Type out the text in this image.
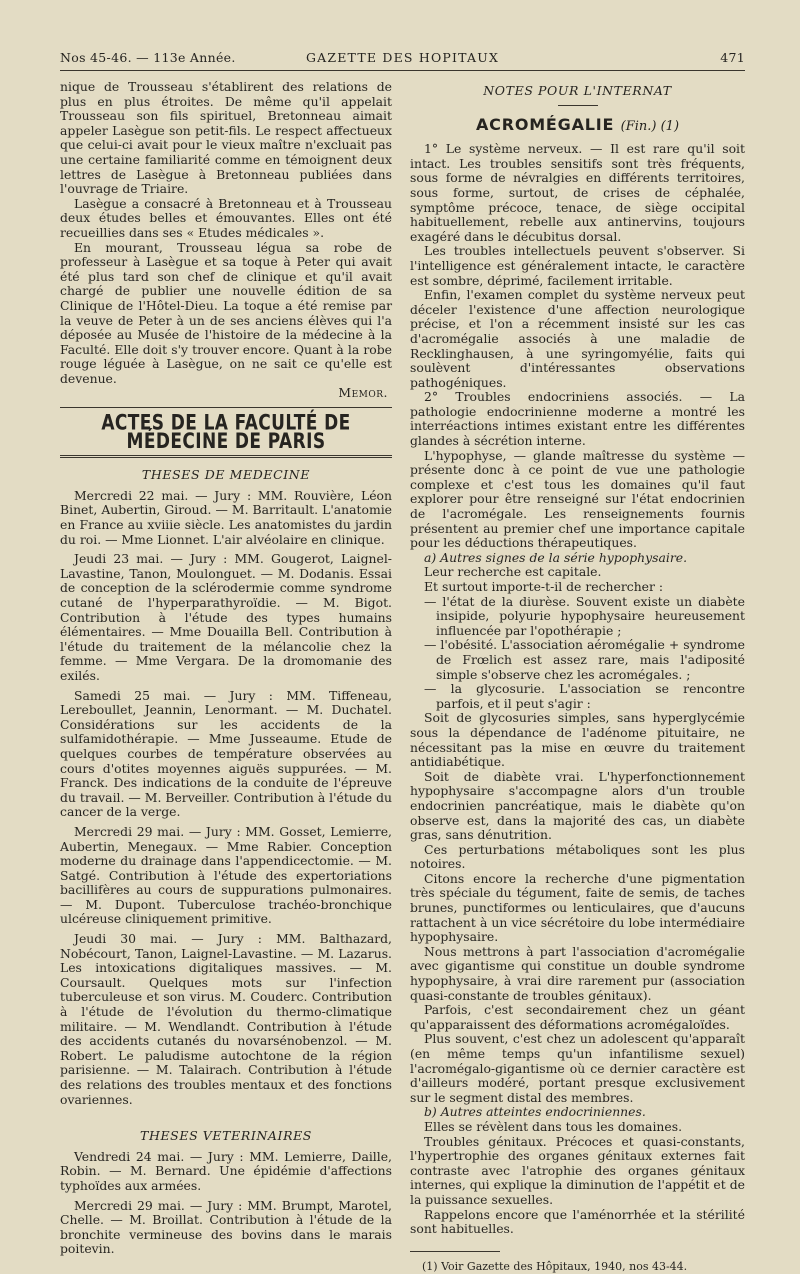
Nos 45-46. — 113e Année.	GAZETTE DES HOPITAUX	471

nique de Trousseau s'établirent des relations de plus en plus étroites. De même qu'il appelait Trousseau son fils spirituel, Bretonneau aimait appeler Lasègue son petit-fils. Le respect affectueux que celui-ci avait pour le vieux maître n'excluait pas une certaine familiarité comme en témoignent deux lettres de Lasègue à Bretonneau publiées dans l'ouvrage de Triaire.

Lasègue a consacré à Bretonneau et à Trousseau deux études belles et émouvantes. Elles ont été recueillies dans ses « Etudes médicales ».

En mourant, Trousseau légua sa robe de professeur à Lasègue et sa toque à Peter qui avait été plus tard son chef de clinique et qu'il avait chargé de publier une nouvelle édition de sa Clinique de l'Hôtel-Dieu. La toque a été remise par la veuve de Peter à un de ses anciens élèves qui l'a déposée au Musée de l'histoire de la médecine à la Faculté. Elle doit s'y trouver encore. Quant à la robe rouge léguée à Lasègue, on ne sait ce qu'elle est devenue.

Memor.

ACTES DE LA FACULTÉ DE MÉDECINE DE PARIS
THESES DE MEDECINE

Mercredi 22 mai. — Jury : MM. Rouvière, Léon Binet, Aubertin, Giroud. — M. Barritault. L'anatomie en France au xviiie siècle. Les anatomistes du jardin du roi. — Mme Lionnet. L'air alvéolaire en clinique.

Jeudi 23 mai. — Jury : MM. Gougerot, Laignel-Lavastine, Tanon, Moulonguet. — M. Dodanis. Essai de conception de la sclérodermie comme syndrome cutané de l'hyperparathyroïdie. — M. Bigot. Contribution à l'étude des types humains élémentaires. — Mme Douailla Bell. Contribution à l'étude du traitement de la mélancolie chez la femme. — Mme Vergara. De la dromomanie des exilés.

Samedi 25 mai. — Jury : MM. Tiffeneau, Lereboullet, Jeannin, Lenormant. — M. Duchatel. Considérations sur les accidents de la sulfamidothérapie. — Mme Jusseaume. Etude de quelques courbes de température observées au cours d'otites moyennes aiguës suppurées. — M. Franck. Des indications de la conduite de l'épreuve du travail. — M. Berveiller. Contribution à l'étude du cancer de la verge.

Mercredi 29 mai. — Jury : MM. Gosset, Lemierre, Aubertin, Menegaux. — Mme Rabier. Conception moderne du drainage dans l'appendicectomie. — M. Satgé. Contribution à l'étude des expertoriations bacillifères au cours de suppurations pulmonaires. — M. Dupont. Tuberculose trachéo-bronchique ulcéreuse cliniquement primitive.

Jeudi 30 mai. — Jury : MM. Balthazard, Nobécourt, Tanon, Laignel-Lavastine. — M. Lazarus. Les intoxications digitaliques massives. — M. Coursault. Quelques mots sur l'infection tuberculeuse et son virus. M. Couderc. Contribution à l'étude de l'évolution du thermo-climatique militaire. — M. Wendlandt. Contribution à l'étude des accidents cutanés du novarsénobenzol. — M. Robert. Le paludisme autochtone de la région parisienne. — M. Talairach. Contribution à l'étude des relations des troubles mentaux et des fonctions ovariennes.

THESES VETERINAIRES

Vendredi 24 mai. — Jury : MM. Lemierre, Daille, Robin. — M. Bernard. Une épidémie d'affections typhoïdes aux armées.

Mercredi 29 mai. — Jury : MM. Brumpt, Marotel, Chelle. — M. Broillat. Contribution à l'étude de la bronchite vermineuse des bovins dans le marais poitevin.

NOTES POUR L'INTERNAT
ACROMÉGALIE (Fin.) (1)

1° Le système nerveux. — Il est rare qu'il soit intact. Les troubles sensitifs sont très fréquents, sous forme de névralgies en différents territoires, sous forme, surtout, de crises de céphalée, symptôme précoce, tenace, de siège occipital habituellement, rebelle aux antinervins, toujours exagéré dans le décubitus dorsal.

Les troubles intellectuels peuvent s'observer. Si l'intelligence est généralement intacte, le caractère est sombre, déprimé, facilement irritable.

Enfin, l'examen complet du système nerveux peut déceler l'existence d'une affection neurologique précise, et l'on a récemment insisté sur les cas d'acromégalie associés à une maladie de Recklinghausen, à une syringomyélie, faits qui soulèvent d'intéressantes observations pathogéniques.

2° Troubles endocriniens associés. — La pathologie endocrinienne moderne a montré les interréactions intimes existant entre les différentes glandes à sécrétion interne.

L'hypophyse, — glande maîtresse du système — présente donc à ce point de vue une pathologie complexe et c'est tous les domaines qu'il faut explorer pour être renseigné sur l'état endocrinien de l'acromégale. Les renseignements fournis présentent au premier chef une importance capitale pour les déductions thérapeutiques.

a) Autres signes de la série hypophysaire.

Leur recherche est capitale.

Et surtout importe-t-il de rechercher :

— l'état de la diurèse. Souvent existe un diabète insipide, polyurie hypophysaire heureusement influencée par l'opothérapie ;
— l'obésité. L'association aéromégalie + syndrome de Frœlich est assez rare, mais l'adiposité simple s'observe chez les acromégales. ;
— la glycosurie. L'association se rencontre parfois, et il peut s'agir :

Soit de glycosuries simples, sans hyperglycémie sous la dépendance de l'adénome pituitaire, ne nécessitant pas la mise en œuvre du traitement antidiabétique.

Soit de diabète vrai. L'hyperfonctionnement hypophysaire s'accompagne alors d'un trouble endocrinien pancréatique, mais le diabète qu'on observe est, dans la majorité des cas, un diabète gras, sans dénutrition.

Ces perturbations métaboliques sont les plus notoires.

Citons encore la recherche d'une pigmentation très spéciale du tégument, faite de semis, de taches brunes, punctiformes ou lenticulaires, que d'aucuns rattachent à un vice sécrétoire du lobe intermédiaire hypophysaire.

Nous mettrons à part l'association d'acromégalie avec gigantisme qui constitue un double syndrome hypophysaire, à vrai dire rarement pur (association quasi-constante de troubles génitaux).

Parfois, c'est secondairement chez un géant qu'apparaissent des déformations acromégaloïdes.

Plus souvent, c'est chez un adolescent qu'apparaît (en même temps qu'un infantilisme sexuel) l'acromégalo-gigantisme où ce dernier caractère est d'ailleurs modéré, portant presque exclusivement sur le segment distal des membres.

b) Autres atteintes endocriniennes.

Elles se révèlent dans tous les domaines.

Troubles génitaux. Précoces et quasi-constants, l'hypertrophie des organes génitaux externes fait contraste avec l'atrophie des organes génitaux internes, qui explique la diminution de l'appétit et de la puissance sexuelles.

Rappelons encore que l'aménorrhée et la stérilité sont habituelles.

(1) Voir Gazette des Hôpitaux, 1940, nos 43-44.
